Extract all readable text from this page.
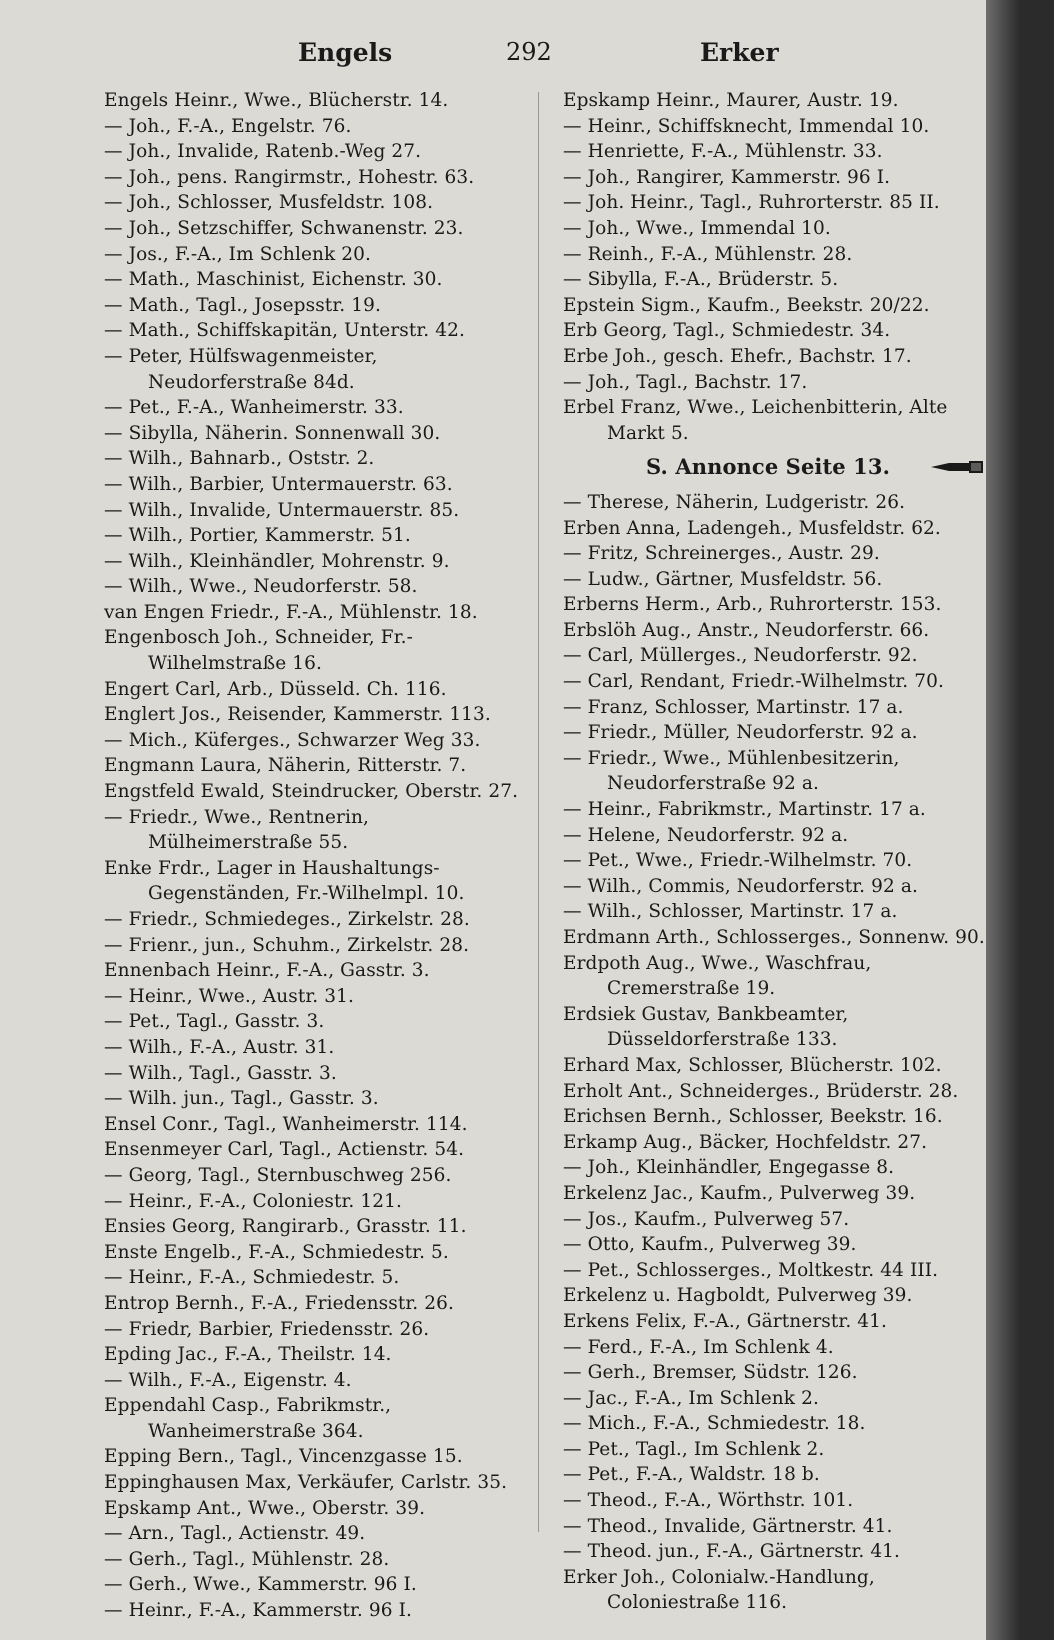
Engels	292	Erker

Engels Heinr., Wwe., Blücherstr. 14.

— Joh., F.-A., Engelstr. 76.

— Joh., Invalide, Ratenb.-Weg 27.

— Joh., pens. Rangirmstr., Hohestr. 63.

— Joh., Schlosser, Musfeldstr. 108.

— Joh., Setzschiffer, Schwanenstr. 23.

— Jos., F.-A., Im Schlenk 20.

— Math., Maschinist, Eichenstr. 30.

— Math., Tagl., Josepsstr. 19.

— Math., Schiffskapitän, Unterstr. 42.

— Peter, Hülfswagenmeister, Neudorferstraße 84d.

— Pet., F.-A., Wanheimerstr. 33.

— Sibylla, Näherin. Sonnenwall 30.

— Wilh., Bahnarb., Oststr. 2.

— Wilh., Barbier, Untermauerstr. 63.

— Wilh., Invalide, Untermauerstr. 85.

— Wilh., Portier, Kammerstr. 51.

— Wilh., Kleinhändler, Mohrenstr. 9.

— Wilh., Wwe., Neudorferstr. 58.

van Engen Friedr., F.-A., Mühlenstr. 18.

Engenbosch Joh., Schneider, Fr.-Wilhelmstraße 16.

Engert Carl, Arb., Düsseld. Ch. 116.

Englert Jos., Reisender, Kammerstr. 113.

— Mich., Küferges., Schwarzer Weg 33.

Engmann Laura, Näherin, Ritterstr. 7.

Engstfeld Ewald, Steindrucker, Oberstr. 27.

— Friedr., Wwe., Rentnerin, Mülheimerstraße 55.

Enke Frdr., Lager in Haushaltungs-Gegenständen, Fr.-Wilhelmpl. 10.

— Friedr., Schmiedeges., Zirkelstr. 28.

— Frienr., jun., Schuhm., Zirkelstr. 28.

Ennenbach Heinr., F.-A., Gasstr. 3.

— Heinr., Wwe., Austr. 31.

— Pet., Tagl., Gasstr. 3.

— Wilh., F.-A., Austr. 31.

— Wilh., Tagl., Gasstr. 3.

— Wilh. jun., Tagl., Gasstr. 3.

Ensel Conr., Tagl., Wanheimerstr. 114.

Ensenmeyer Carl, Tagl., Actienstr. 54.

— Georg, Tagl., Sternbuschweg 256.

— Heinr., F.-A., Coloniestr. 121.

Ensies Georg, Rangirarb., Grasstr. 11.

Enste Engelb., F.-A., Schmiedestr. 5.

— Heinr., F.-A., Schmiedestr. 5.

Entrop Bernh., F.-A., Friedensstr. 26.

— Friedr, Barbier, Friedensstr. 26.

Epding Jac., F.-A., Theilstr. 14.

— Wilh., F.-A., Eigenstr. 4.

Eppendahl Casp., Fabrikmstr., Wanheimerstraße 364.

Epping Bern., Tagl., Vincenzgasse 15.

Eppinghausen Max, Verkäufer, Carlstr. 35.

Epskamp Ant., Wwe., Oberstr. 39.

— Arn., Tagl., Actienstr. 49.

— Gerh., Tagl., Mühlenstr. 28.

— Gerh., Wwe., Kammerstr. 96 I.

— Heinr., F.-A., Kammerstr. 96 I.

Epskamp Heinr., Maurer, Austr. 19.

— Heinr., Schiffsknecht, Immendal 10.

— Henriette, F.-A., Mühlenstr. 33.

— Joh., Rangirer, Kammerstr. 96 I.

— Joh. Heinr., Tagl., Ruhrorterstr. 85 II.

— Joh., Wwe., Immendal 10.

— Reinh., F.-A., Mühlenstr. 28.

— Sibylla, F.-A., Brüderstr. 5.

Epstein Sigm., Kaufm., Beekstr. 20/22.

Erb Georg, Tagl., Schmiedestr. 34.

Erbe Joh., gesch. Ehefr., Bachstr. 17.

— Joh., Tagl., Bachstr. 17.

Erbel Franz, Wwe., Leichenbitterin, Alte Markt 5.

S. Annonce Seite 13.

— Therese, Näherin, Ludgeristr. 26.

Erben Anna, Ladengeh., Musfeldstr. 62.

— Fritz, Schreinerges., Austr. 29.

— Ludw., Gärtner, Musfeldstr. 56.

Erberns Herm., Arb., Ruhrorterstr. 153.

Erbslöh Aug., Anstr., Neudorferstr. 66.

— Carl, Müllerges., Neudorferstr. 92.

— Carl, Rendant, Friedr.-Wilhelmstr. 70.

— Franz, Schlosser, Martinstr. 17 a.

— Friedr., Müller, Neudorferstr. 92 a.

— Friedr., Wwe., Mühlenbesitzerin, Neudorferstraße 92 a.

— Heinr., Fabrikmstr., Martinstr. 17 a.

— Helene, Neudorferstr. 92 a.

— Pet., Wwe., Friedr.-Wilhelmstr. 70.

— Wilh., Commis, Neudorferstr. 92 a.

— Wilh., Schlosser, Martinstr. 17 a.

Erdmann Arth., Schlosserges., Sonnenw. 90.

Erdpoth Aug., Wwe., Waschfrau, Cremerstraße 19.

Erdsiek Gustav, Bankbeamter, Düsseldorferstraße 133.

Erhard Max, Schlosser, Blücherstr. 102.

Erholt Ant., Schneiderges., Brüderstr. 28.

Erichsen Bernh., Schlosser, Beekstr. 16.

Erkamp Aug., Bäcker, Hochfeldstr. 27.

— Joh., Kleinhändler, Engegasse 8.

Erkelenz Jac., Kaufm., Pulverweg 39.

— Jos., Kaufm., Pulverweg 57.

— Otto, Kaufm., Pulverweg 39.

— Pet., Schlosserges., Moltkestr. 44 III.

Erkelenz u. Hagboldt, Pulverweg 39.

Erkens Felix, F.-A., Gärtnerstr. 41.

— Ferd., F.-A., Im Schlenk 4.

— Gerh., Bremser, Südstr. 126.

— Jac., F.-A., Im Schlenk 2.

— Mich., F.-A., Schmiedestr. 18.

— Pet., Tagl., Im Schlenk 2.

— Pet., F.-A., Waldstr. 18 b.

— Theod., F.-A., Wörthstr. 101.

— Theod., Invalide, Gärtnerstr. 41.

— Theod. jun., F.-A., Gärtnerstr. 41.

Erker Joh., Colonialw.-Handlung, Coloniestraße 116.
